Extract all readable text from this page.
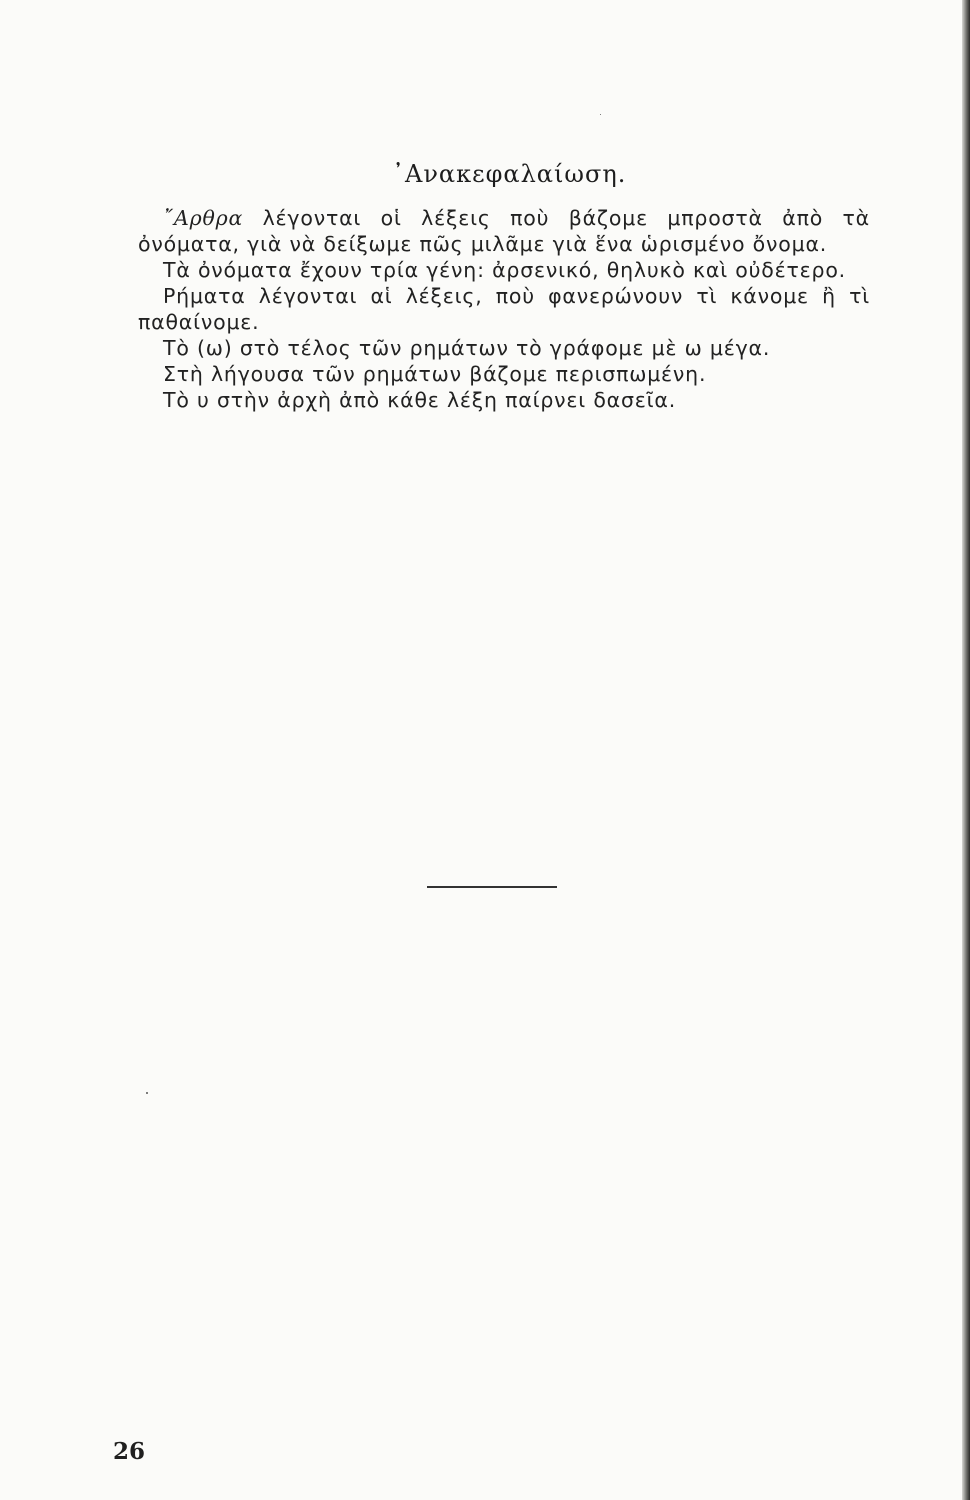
᾿Ανακεφαλαίωση.

῎Αρθρα λέγονται οἱ λέξεις ποὺ βάζομε μπροστὰ ἀπὸ τὰ ὀνόματα, γιὰ νὰ δείξωμε πῶς μιλᾶμε γιὰ ἕνα ὡρισμένο ὄνομα.

Τὰ ὀνόματα ἔχουν τρία γένη: ἀρσενικό, θηλυκὸ καὶ οὐδέτερο.

Ρήματα λέγονται αἱ λέξεις, ποὺ φανερώνουν τὶ κάνομε ἢ τὶ παθαίνομε.

Τὸ (ω) στὸ τέλος τῶν ρημάτων τὸ γράφομε μὲ ω μέγα.

Στὴ λήγουσα τῶν ρημάτων βάζομε περισπωμένη.

Τὸ υ στὴν ἀρχὴ ἀπὸ κάθε λέξη παίρνει δασεῖα.

26
